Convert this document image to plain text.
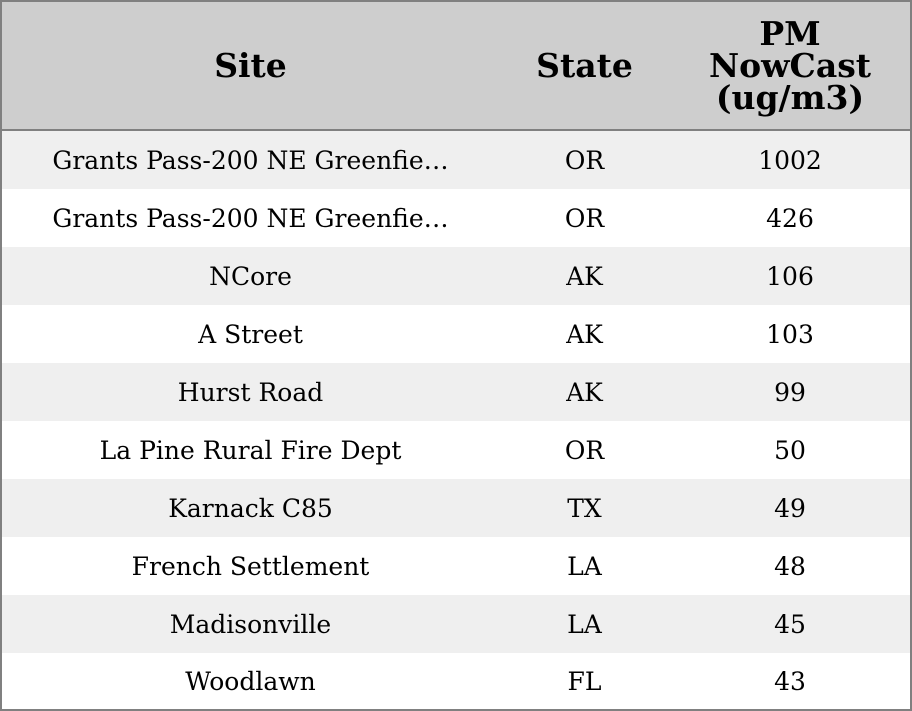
Site	State	PM
NowCast
(ug/m3)

Grants Pass-200 NE Greenfie…	OR	1002
Grants Pass-200 NE Greenfie…	OR	426
NCore	AK	106
A Street	AK	103
Hurst Road	AK	99
La Pine Rural Fire Dept	OR	50
Karnack C85	TX	49
French Settlement	LA	48
Madisonville	LA	45
Woodlawn	FL	43
